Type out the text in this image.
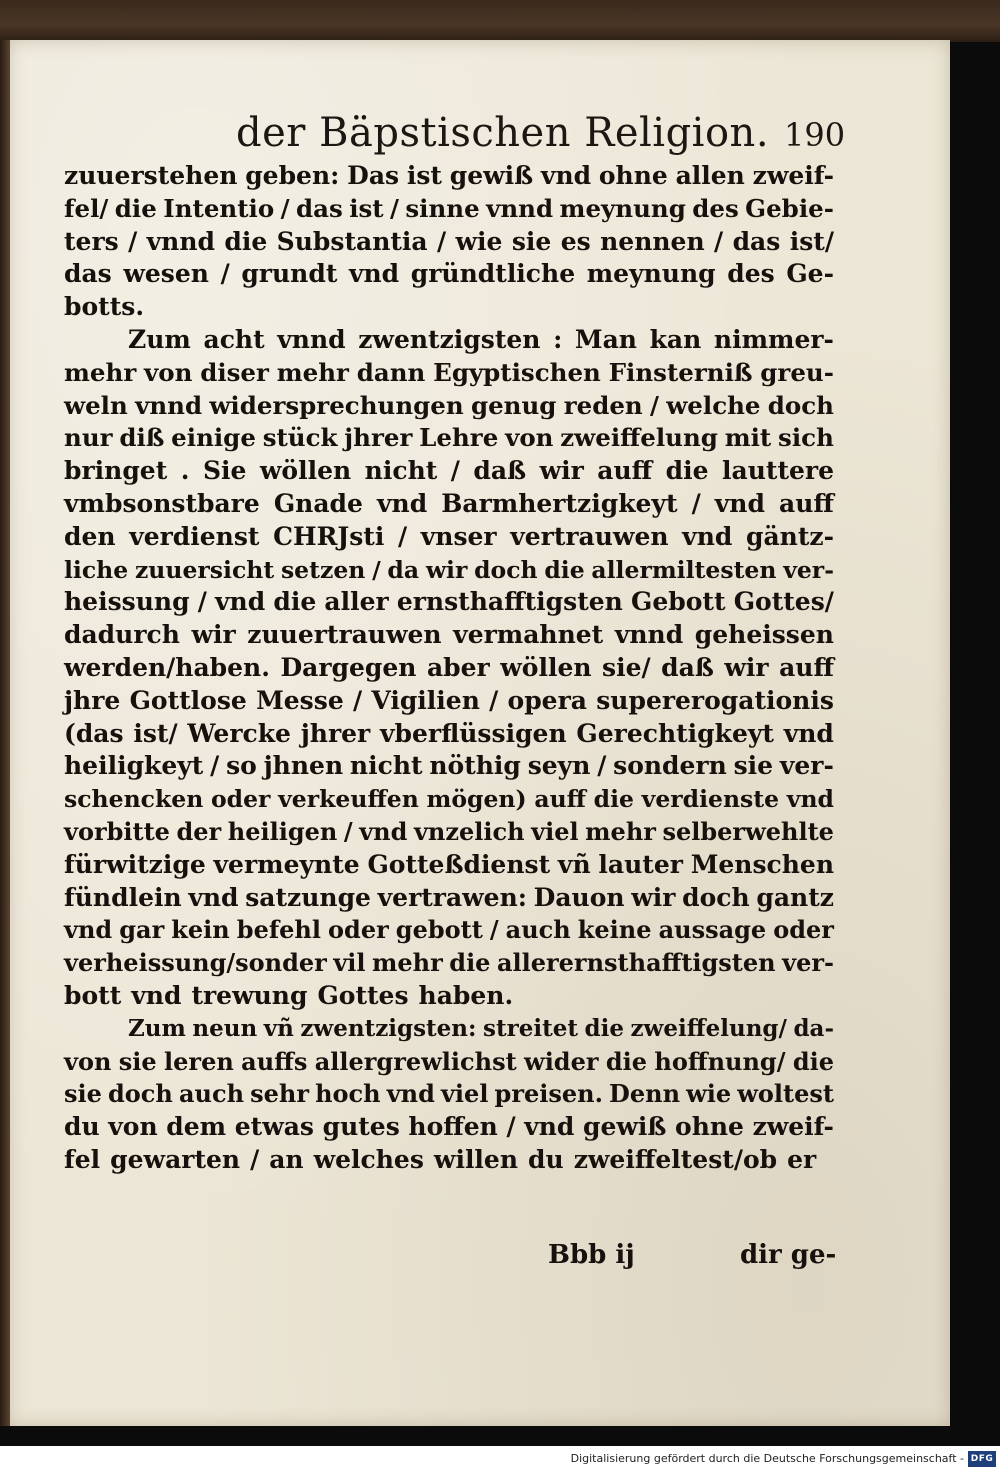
der Bäpstischen Religion. 190
zuuerstehen geben: Das ist gewiß vnd ohne allen zweif-
fel/ die Intentio / das ist / sinne vnnd meynung des Gebie-
ters / vnnd die Substantia / wie sie es nennen / das ist/
das wesen / grundt vnd gründtliche meynung des Ge-
botts.
Zum acht vnnd zwentzigsten : Man kan nimmer-
mehr von diser mehr dann Egyptischen Finsterniß greu-
weln vnnd widersprechungen genug reden / welche doch
nur diß einige stück jhrer Lehre von zweiffelung mit sich
bringet . Sie wöllen nicht / daß wir auff die lauttere
vmbsonstbare Gnade vnd Barmhertzigkeyt / vnd auff
den verdienst CHRJsti / vnser vertrauwen vnd gäntz-
liche zuuersicht setzen / da wir doch die allermiltesten ver-
heissung / vnd die aller ernsthafftigsten Gebott Gottes/
dadurch wir zuuertrauwen vermahnet vnnd geheissen
werden/haben. Dargegen aber wöllen sie/ daß wir auff
jhre Gottlose Messe / Vigilien / opera supererogationis
(das ist/ Wercke jhrer vberflüssigen Gerechtigkeyt vnd
heiligkeyt / so jhnen nicht nöthig seyn / sondern sie ver-
schencken oder verkeuffen mögen) auff die verdienste vnd
vorbitte der heiligen / vnd vnzelich viel mehr selberwehlte
fürwitzige vermeynte Gotteßdienst vñ lauter Menschen
fündlein vnd satzunge vertrawen: Dauon wir doch gantz
vnd gar kein befehl oder gebott / auch keine aussage oder
verheissung/sonder vil mehr die allerernsthafftigsten ver-
bott vnd trewung Gottes haben.
Zum neun vñ zwentzigsten: streitet die zweiffelung/ da-
von sie leren auffs allergrewlichst wider die hoffnung/ die
sie doch auch sehr hoch vnd viel preisen. Denn wie woltest
du von dem etwas gutes hoffen / vnd gewiß ohne zweif-
fel gewarten / an welches willen du zweiffeltest/ob er
Bbb ij	dir ge-
Digitalisierung gefördert durch die Deutsche Forschungsgemeinschaft - DFG
